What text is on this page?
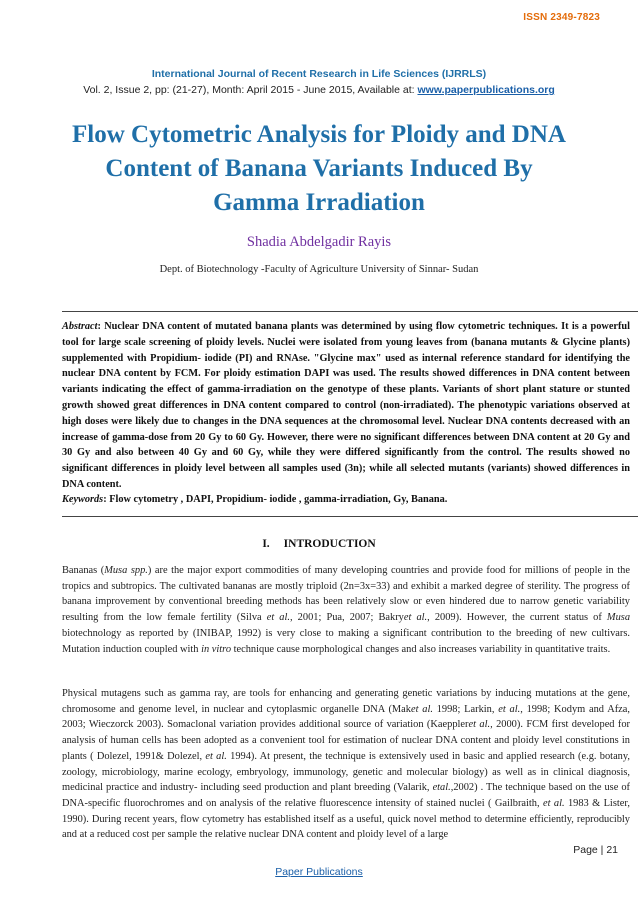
ISSN 2349-7823
International Journal of Recent Research in Life Sciences (IJRRLS)
Vol. 2, Issue 2, pp: (21-27), Month: April 2015 - June 2015, Available at: www.paperpublications.org
Flow Cytometric Analysis for Ploidy and DNA
Content of Banana Variants Induced By
Gamma Irradiation
Shadia Abdelgadir Rayis
Dept. of Biotechnology -Faculty of Agriculture University of Sinnar- Sudan

Abstract: Nuclear DNA content of mutated banana plants was determined by using flow cytometric techniques. It is a powerful tool for large scale screening of ploidy levels. Nuclei were isolated from young leaves from (banana mutants & Glycine plants) supplemented with Propidium- iodide (PI) and RNAse. "Glycine max" used as internal reference standard for identifying the nuclear DNA content by FCM. For ploidy estimation DAPI was used. The results showed differences in DNA content between variants indicating the effect of gamma-irradiation on the genotype of these plants. Variants of short plant stature or stunted growth showed great differences in DNA content compared to control (non-irradiated). The phenotypic variations observed at high doses were likely due to changes in the DNA sequences at the chromosomal level. Nuclear DNA contents decreased with an increase of gamma-dose from 20 Gy to 60 Gy. However, there were no significant differences between DNA content at 20 Gy and 30 Gy and also between 40 Gy and 60 Gy, while they were differed significantly from the control. The results showed no significant differences in ploidy level between all samples used (3n); while all selected mutants (variants) showed differences in DNA content.

Keywords: Flow cytometry , DAPI, Propidium- iodide , gamma-irradiation, Gy, Banana.

I. INTRODUCTION

Bananas (Musa spp.) are the major export commodities of many developing countries and provide food for millions of people in the tropics and subtropics. The cultivated bananas are mostly triploid (2n=3x=33) and exhibit a marked degree of sterility. The progress of banana improvement by conventional breeding methods has been relatively slow or even hindered due to narrow genetic variability resulting from the low female fertility (Silva et al., 2001; Pua, 2007; Bakryet al., 2009). However, the current status of Musa biotechnology as reported by (INIBAP, 1992) is very close to making a significant contribution to the breeding of new cultivars. Mutation induction coupled with in vitro technique cause morphological changes and also increases variability in quantitative traits.

Physical mutagens such as gamma ray, are tools for enhancing and generating genetic variations by inducing mutations at the gene, chromosome and genome level, in nuclear and cytoplasmic organelle DNA (Maket al. 1998; Larkin, et al., 1998; Kodym and Afza, 2003; Wieczorck 2003). Somaclonal variation provides additional source of variation (Kaeppleret al., 2000). FCM first developed for analysis of human cells has been adopted as a convenient tool for estimation of nuclear DNA content and ploidy level constitutions in plants ( Dolezel, 1991& Dolezel, et al. 1994). At present, the technique is extensively used in basic and applied research (e.g. botany, zoology, microbiology, marine ecology, embryology, immunology, genetic and molecular biology) as well as in clinical diagnosis, medicinal practice and industry- including seed production and plant breeding (Valarik, etal.,2002) . The technique based on the use of DNA-specific fluorochromes and on analysis of the relative fluorescence intensity of stained nuclei ( Gailbraith, et al. 1983 & Lister, 1990). During recent years, flow cytometry has established itself as a useful, quick novel method to determine efficiently, reproducibly and at a reduced cost per sample the relative nuclear DNA content and ploidy level of a large

Page | 21
Paper Publications
